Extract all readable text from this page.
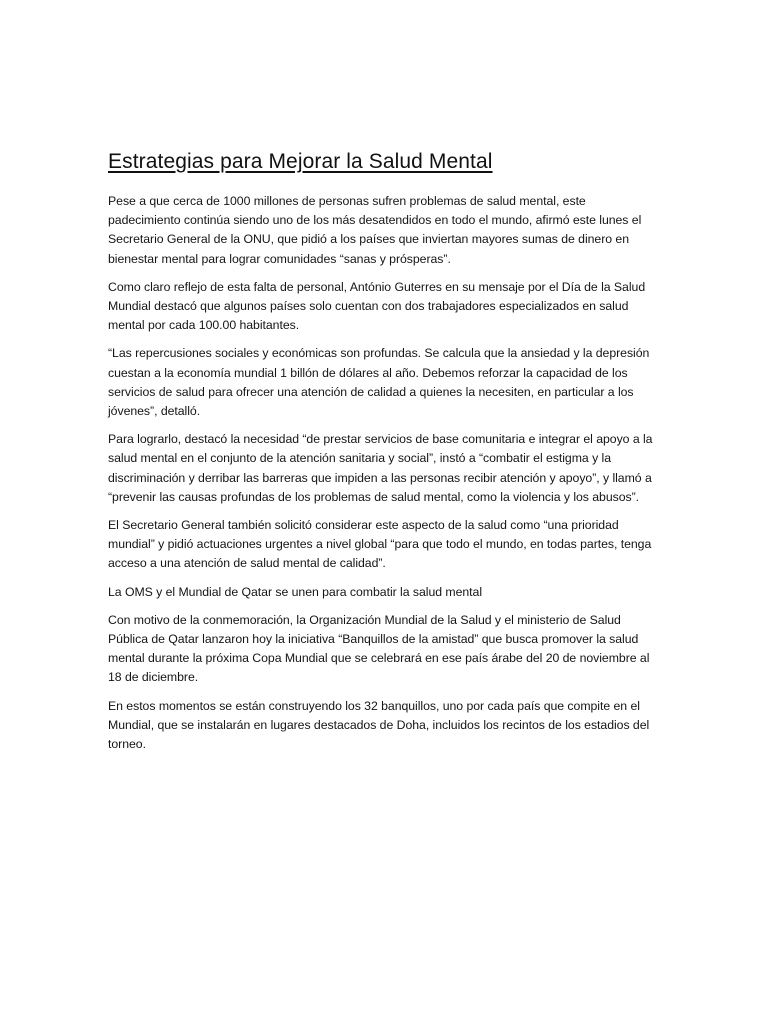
Estrategias para Mejorar la Salud Mental

Pese a que cerca de 1000 millones de personas sufren problemas de salud mental, este padecimiento continúa siendo uno de los más desatendidos en todo el mundo, afirmó este lunes el Secretario General de la ONU, que pidió a los países que inviertan mayores sumas de dinero en bienestar mental para lograr comunidades “sanas y prósperas”.

Como claro reflejo de esta falta de personal, António Guterres en su mensaje por el Día de la Salud Mundial destacó que algunos países solo cuentan con dos trabajadores especializados en salud mental por cada 100.00 habitantes.

“Las repercusiones sociales y económicas son profundas. Se calcula que la ansiedad y la depresión cuestan a la economía mundial 1 billón de dólares al año. Debemos reforzar la capacidad de los servicios de salud para ofrecer una atención de calidad a quienes la necesiten, en particular a los jóvenes”, detalló.

Para lograrlo, destacó la necesidad “de prestar servicios de base comunitaria e integrar el apoyo a la salud mental en el conjunto de la atención sanitaria y social”, instó a “combatir el estigma y la discriminación y derribar las barreras que impiden a las personas recibir atención y apoyo”, y llamó a “prevenir las causas profundas de los problemas de salud mental, como la violencia y los abusos”.

El Secretario General también solicitó considerar este aspecto de la salud como “una prioridad mundial” y pidió actuaciones urgentes a nivel global “para que todo el mundo, en todas partes, tenga acceso a una atención de salud mental de calidad”.

La OMS y el Mundial de Qatar se unen para combatir la salud mental

Con motivo de la conmemoración, la Organización Mundial de la Salud y el ministerio de Salud Pública de Qatar lanzaron hoy la iniciativa “Banquillos de la amistad” que busca promover la salud mental durante la próxima Copa Mundial que se celebrará en ese país árabe del 20 de noviembre al 18 de diciembre.

En estos momentos se están construyendo los 32 banquillos, uno por cada país que compite en el Mundial, que se instalarán en lugares destacados de Doha, incluidos los recintos de los estadios del torneo.
